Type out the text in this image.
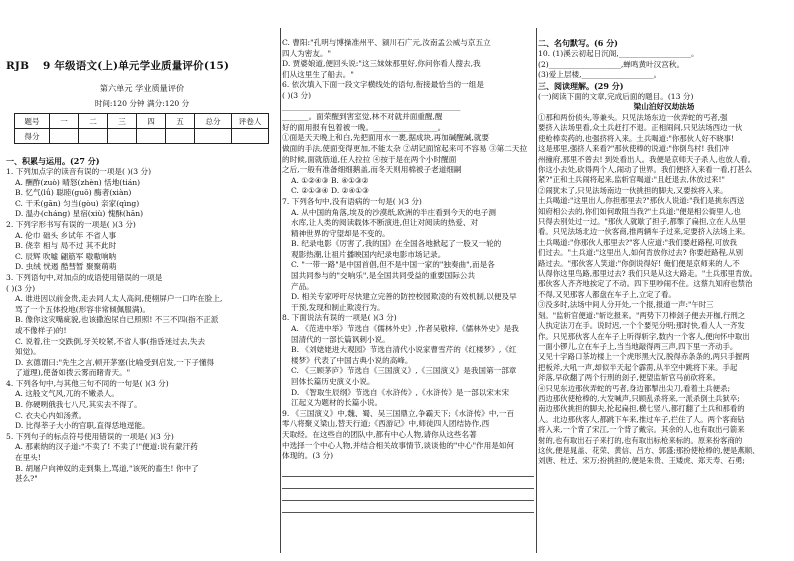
RJB 9 年级语文(上)单元学业质量评价(15)
第六单元 学业质量评价
时间:120 分钟 满分:120 分
题号	一	二	三	四	五	总分	评卷人
得分							
一、积累与运用。(27 分)
1. 下列加点字的读音有误的一项是( )(3 分)
A. 酬酢(zuò) 晴怒(zhèn) 恬地(tián)
B. 忆气(lǘ) 聪睦(guǒ) 酶者(xiàn)
C. 干禾(gān) 匀当(gòu) 亲家(qìng)
D. 温办(cháng) 星宿(xiù) 愧酥(hān)
2. 下列字形书写有误的一项是( )(3 分)
A. 伦巾 础头 乡试年 不省人事
B. 侥幸 相与 局不过 其不此时
C. 辰辉 吹噓 翩筋军 嗷嗷响呐
D. 虫绒 恍遏 酷彗暂 聚聚萌萌
3. 下列语句中,对加点的成语使用错误的一项是
( )(3 分)
A. 谁进因以前金贵,走去同人太人高间,使栩屏户一口咋在脸上,
骂了一个五体投地(形容非常倾佩服满)。
B. 像你这灾嘴疵貌,也该撒泡尿自已照照! 不三不四(指不正派
或不像样子)的!
C. 说着,往一交跌倒,牙关咬紧,不省人事(指昏迷过去,失去
知觉)。
D. 玄德谓曰:"先生之言,顿开茅塞(比喻受到启发,一下子懂得
了道理),使备如拨云雾而睹青天。"
4. 下列各句中,与其他三句不同的一句是( )(3 分)
A. 这般文气风,兀的不嫩杀人。
B. 你硬咧俄我七八尺,其实去不得了。
C. 衣夫心内如汤煮。
D. 比得莘子大小的官职,直得恁地逞能。
5. 下列句子的标点符号使用错误的一项是( )(3 分)
A. 那素纳的汉子道:"不卖了! 不卖了!"便道:说有蒙汗药
在里头!
B. 胡屠户向神奴的走到集上,骂道,"该死的畜生! 你中了
甚么?"
C. 曹阳:"孔明与博操准州平、颍川石广元,汝南孟公威与京五立
四人为密友。"
D. 贾婆娘道,便回头说:"这三妹妹那里好,你问你看人搜去,我
们从这里生了船去。"
6. 依次填入下面一段文字横线处的语句,衔接最恰当的一组是
( )(3 分)
_______________________________________________
_______。面荣醒到害室觉,林不对就并面重醒,醒
好的面用报有包着被一晚。_________________。
①面是天天晚上和白,先把面用水一裹,据成块,再加碱醒碱,就要
做面的手法,使面变得更加,不能太杂 ②胡记面馆起来可不容易 ③第二天拉
的时候,面就筋道,任人拉拉 ④按于是在两个小时醒面
之后,一般有准备细细鹅盖,而冬天则用棉被子老道细嗣
A. ①②④③ B. ④①③②
C. ②①③④ D. ②④①③
7. 下列各句中,没有语病的一句是( )(3 分)
A. 从中国的角落,埃及的沙漠纸,欧洲的半庄看到今天的电子测
水库,让人类的阅读载体不断演进,但让对阅读的热爱、对
精神世界的守望却是不变的。
B. 纪录电影《厉害了,我的国》在全国各地掀起了一股又一轮的
观影热潮,让祖片播映国内纪录电影市场记录。
C. "一带一路"是中国首倡,但不是中国一家的"独奏曲",而是各
国共同参与的"交响乐",是全国共同受益的重要国际公共
产品。
D. 相关专家呼吁尽快建立完善的防控校园欺凌的有效机制,以便及早
干预,发现和制止欺凌行为。
8. 下面说法有误的一项是( )(3 分)
A. 《范进中举》节选自《儒林外史》,作者吴敬梓,《儒林外史》是我
国清代的一部长篇讽刺小说。
B. 《刘姥姥进大观园》节选自清代小说家曹雪芹的《红楼梦》,《红
楼梦》代表了中国古典小说的高峰。
C. 《三顾茅庐》节选自《三国演义》,《三国演义》是我国第一部章
回体长篇历史演义小说。
D. 《智取生辰纲》节选自《水浒传》,《水浒传》是一部以宋末宋
江起义为题材的长篇小说。
9. 《三国演义》中,魏、蜀、吴三国鼎立,争霸天下;《水浒传》中,一百
零八将聚义梁山,替天行道;《西游记》中,师徒四人团结协作,西
天取经。在这些自的团队中,都有中心人物,请你从这些名著
中选择一个中心人物,并结合相关故事情节,谈谈他的"中心"作用是如何
体现的。(3 分)
二、名句默写。(6 分)
10. (1)溪云初起日沉阁,___________________。
(2)___________________,蝉鸣黄叶汉宫秋。
(3)爱上层楼,___________________。
三、阅读理解。(29 分)
(一)阅读下面的文章,完成后面的题目。(13 分)
梁山泊好汉劫法场
①那和两份侦头,等兼头。只见法场东边一伙弄蛇的丐者,强
要挤入法场里看,众土兵赶打不退。正相闹间,只见法场西边一伙
使枪棒卖药的,也强挤将入来。土兵喝道:"你那伙人好不晓事!
这是那里,强挤人来看?"那伙使棒的说道:"你倒鸟村! 我们冲
州撞府,那里不曾去! 到处看出人。我便是京师天子杀人,也放人看。
你这小去处,砍得两个人,闹动了世界。我们便挤入来看一看,打甚么
紧?"正和土兵闹将起来,监斩官喝道:"且赶退去,休放过来!"
②闹犹未了,只见法场南边一伙挑担的脚夫,又要挨将入来。
土兵喝道:"这里出人,你担那里去?"那伙人说道:"我们是挑东西送
知府相公去的,你们如何敢阻当我?"土兵道:"便是相公衙里人,也
只得去别处过一过。"那伙人就歇了担子,都掣了扁担,立在人丛里
看。只见法场北边一伙客商,推两辆车子过来,定要挤入法场上来。
土兵喝道:"你那伙人那里去?"客人应道:"我们要赶路程,可放我
们过去。"土兵道:"这里出人,如何肯放你过去? 你要赶路程,从别
路过去。"那伙客人笑道:"你倒说得好! 俺们便是京师来的人,不
认得你这里鸟路,那里过去? 我们只是从这大路走。"土兵那里肯放。
那伙客人齐齐地挨定了不动。四下里吵闹不住。这蔡九知府也禁治
不得,又见那客人都盘在车子上,立定了看。
③没多时,法场中间人分开处,一个报,报道一声:"午时三
刻。"监斩官便道:"斩讫报来。"两势下刀棒刽子便去开枷,行刑之
人执定法刀在手。说时迟,一个个要见分明;那时快,看人人一齐发
作。只见那伙客人在车子上听得斩字,数内一个客人,便向怀中取出
一面小锣儿,立在车子上,当当地敲得两三声,四下里一齐动手。
又见十字路口茶坊楼上一个虎形黑大汉,脱得赤条条的,两只手握两
把板斧,大吼一声,却似半天起个霹雳,从半空中跳将下来。手起
斧落,早砍翻了两个行刑的刽子,便望监斩官马前砍将来。
④只见东边那伙弄蛇的丐者,身边都掣出尖刀,看着土兵便杀;
西边那伙使枪棒的,大发喊声,只顾乱杀将来,一派杀倒土兵狱卒;
南边那伙挑担的脚夫,抡起扁担,横七竖八,都打翻了土兵和那看的
人。北边那伙客人,都跳下车来,推过车子,拦住了人。两个客商钻
将入来,一个背了宋江,一个背了戴宗。其余的人,也有取出弓箭来
射的,也有取出石子来打的,也有取出标枪来标的。原来扮客商的
这伙,便是晁盖、花荣、黄信、吕方、郭盛;那扮使枪棒的,便是燕顺、
刘唐、杜迁、宋万;扮挑担的,便是朱贵、王矮虎、郑天寿、石勇;
